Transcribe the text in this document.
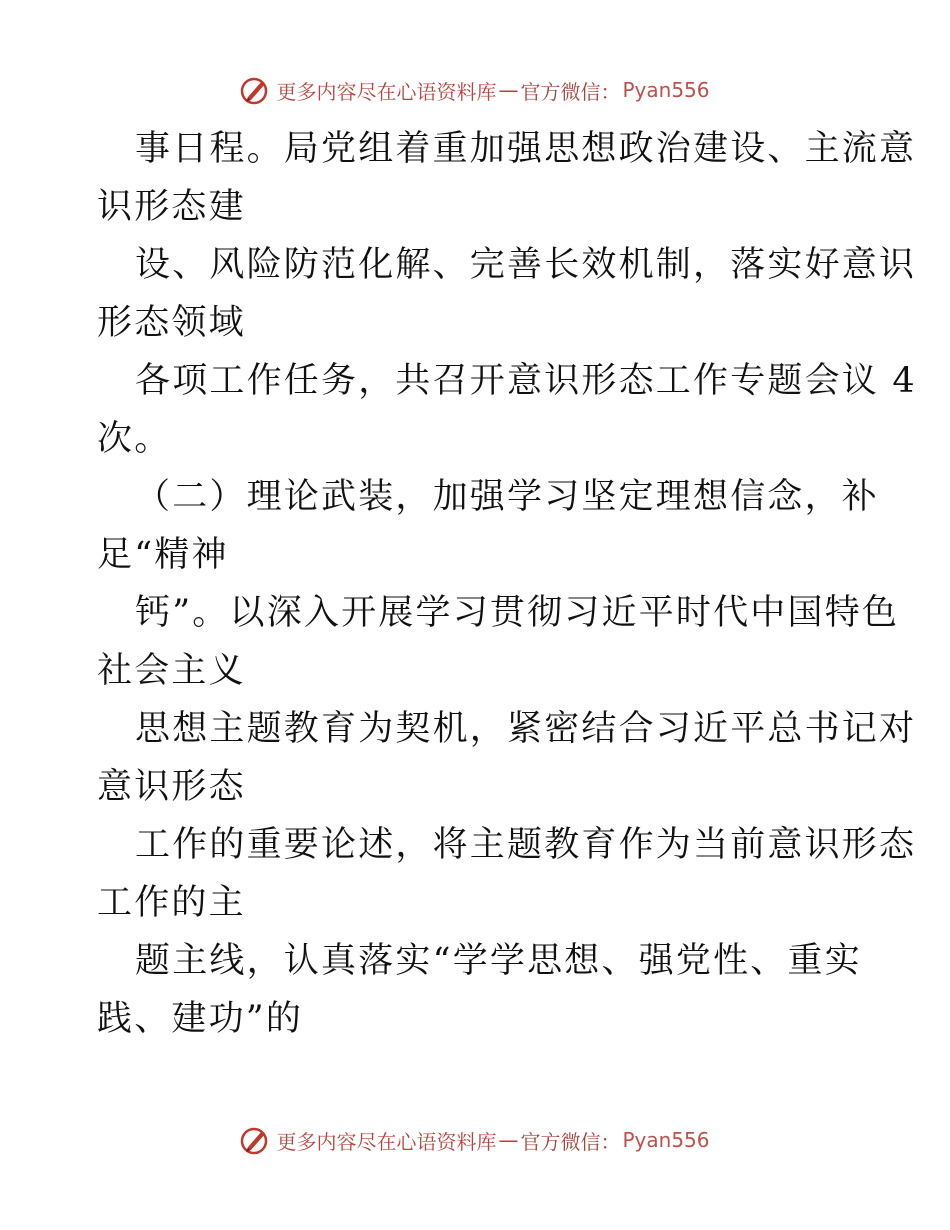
更多内容尽在心语资料库 — 官方微信： Pyan556
事日程。局党组着重加强思想政治建设、主流意
识形态建
设、风险防范化解、完善长效机制，落实好意识
形态领域
各项工作任务，共召开意识形态工作专题会议 4
次。
（二）理论武装，加强学习坚定理想信念，补
足“精神
钙”。以深入开展学习贯彻习近平时代中国特色
社会主义
思想主题教育为契机，紧密结合习近平总书记对
意识形态
工作的重要论述，将主题教育作为当前意识形态
工作的主
题主线，认真落实“学学思想、强党性、重实
践、建功”的
更多内容尽在心语资料库 — 官方微信： Pyan556
